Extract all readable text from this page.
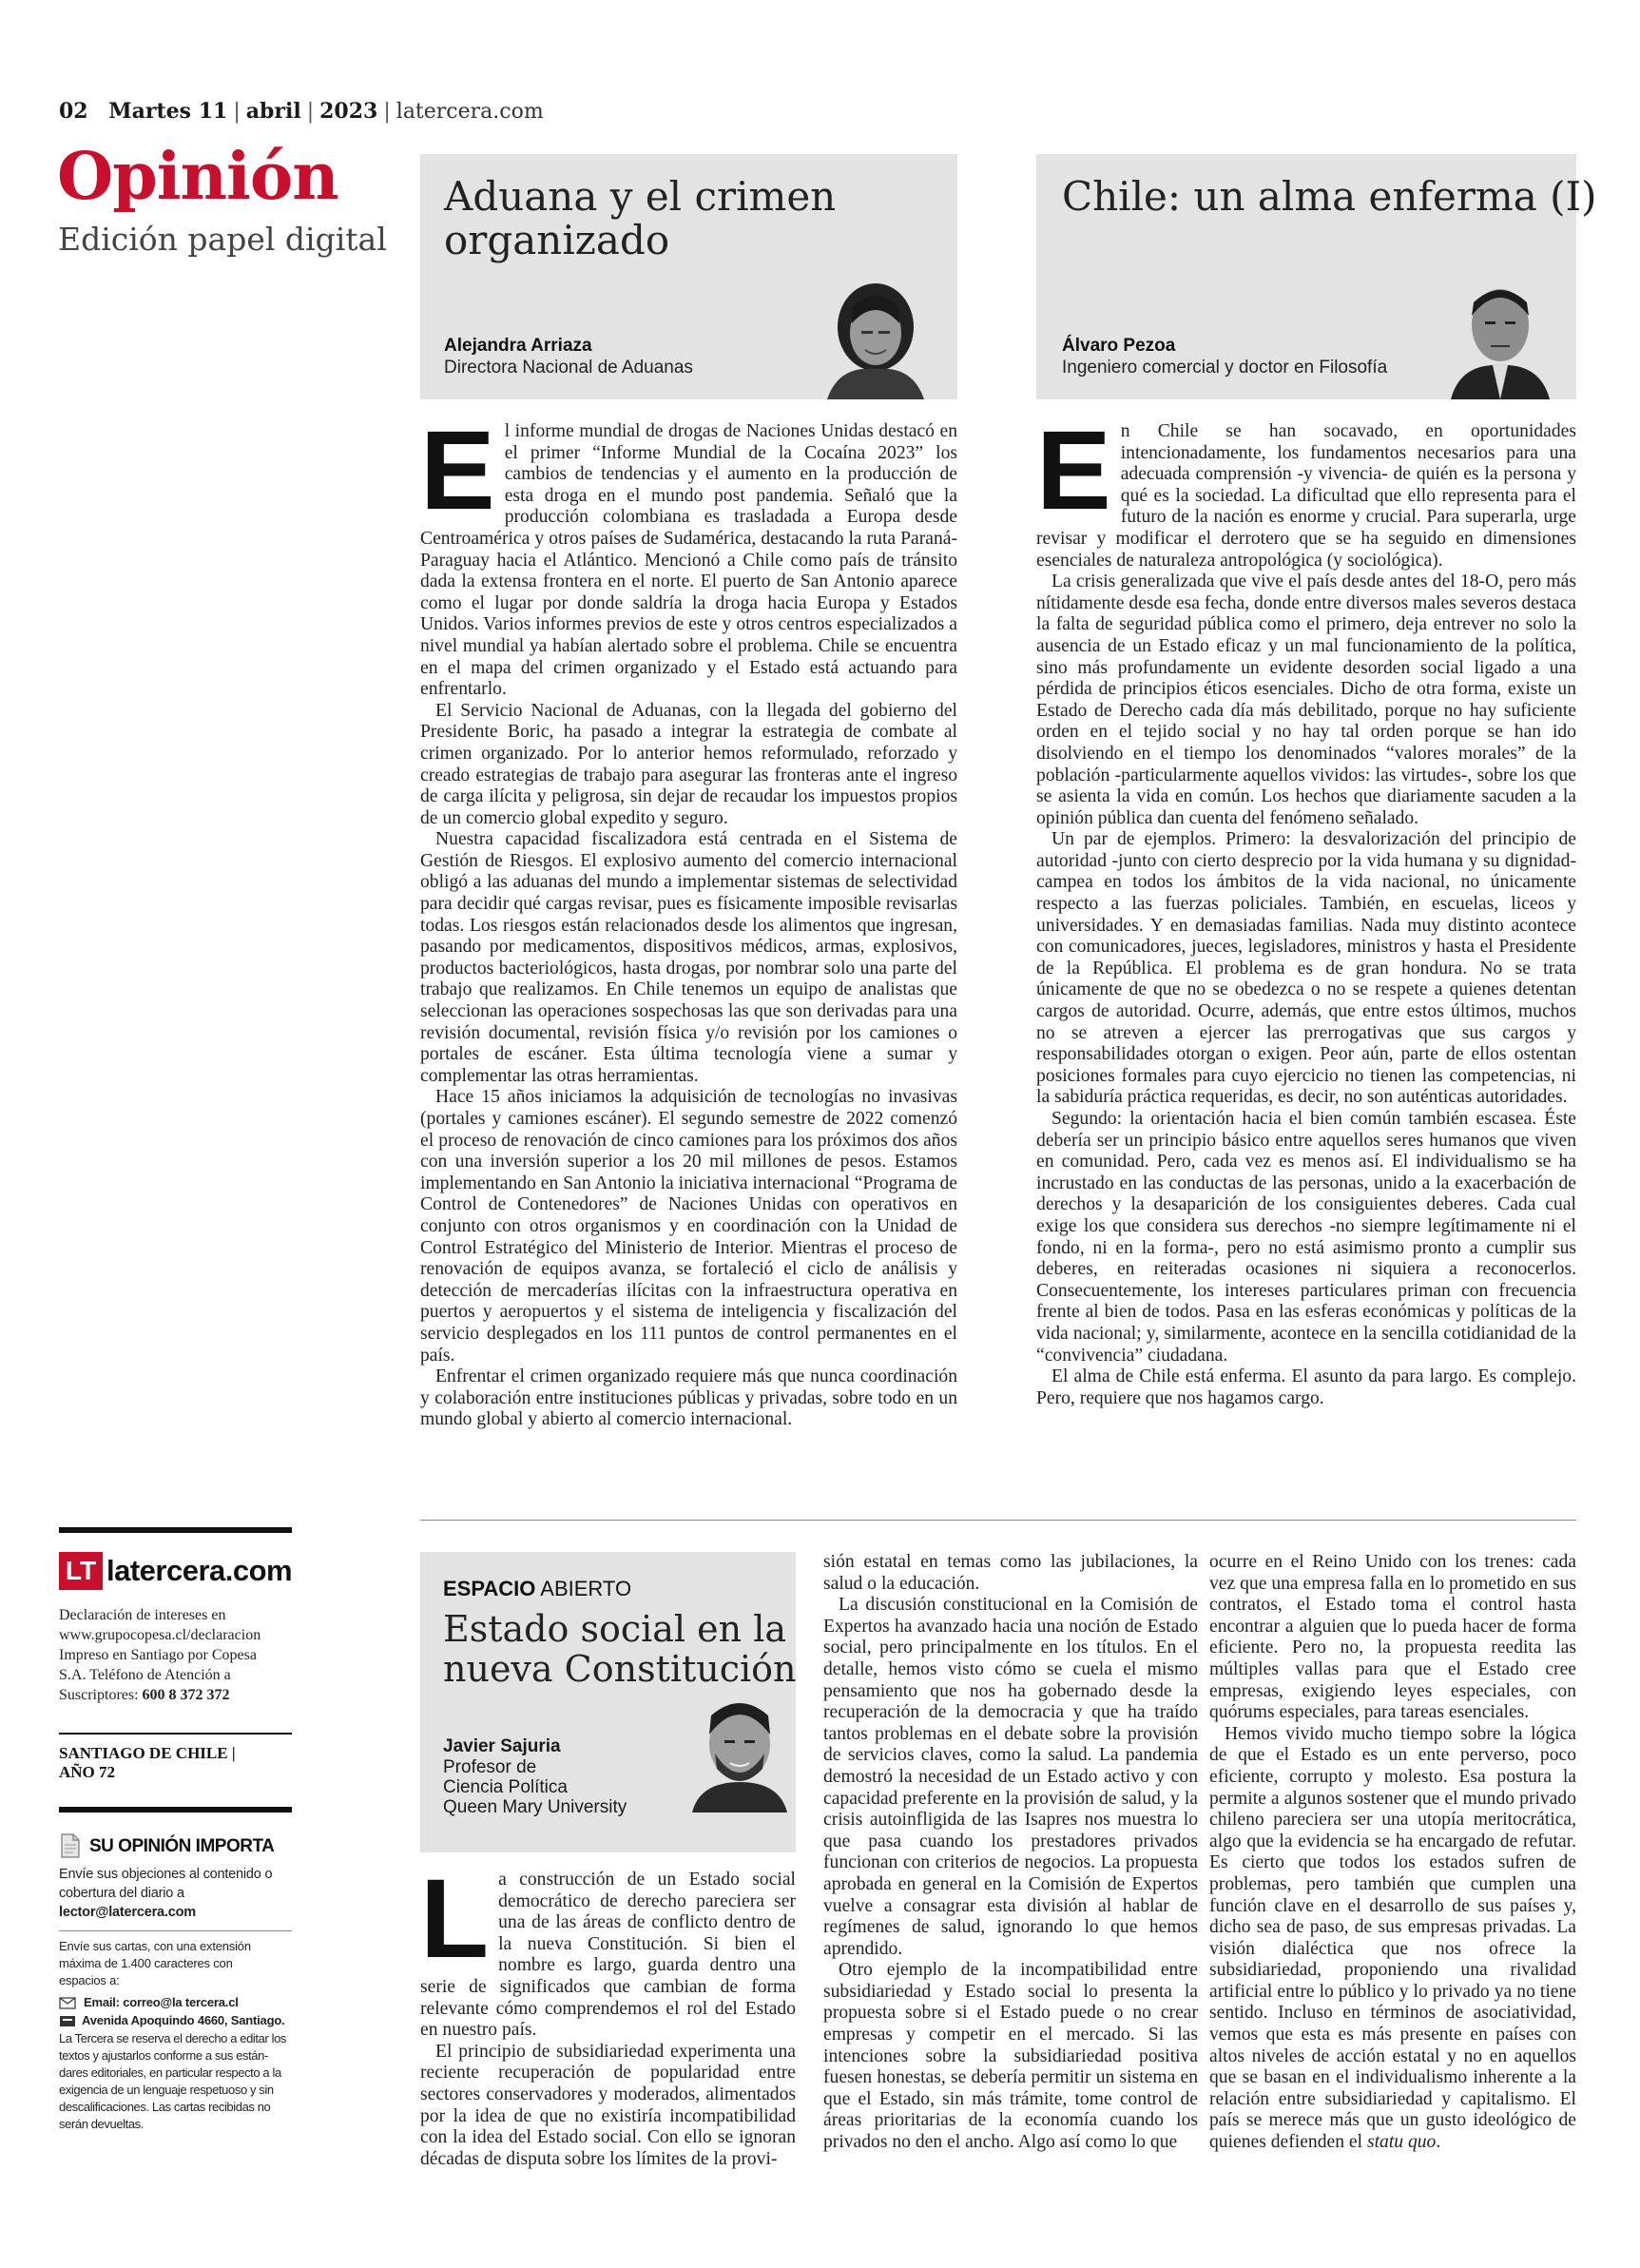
02 Martes 11 | abril | 2023 | latercera.com
Opinión
Edición papel digital
Aduana y el crimen
organizado
Alejandra Arriaza
Directora Nacional de Aduanas
Chile: un alma enferma (I)
Álvaro Pezoa
Ingeniero comercial y doctor en Filosofía

El informe mundial de drogas de Naciones Unidas destacó en el primer “Informe Mundial de la Cocaína 2023” los cambios de tendencias y el aumento en la producción de esta droga en el mundo post pandemia. Señaló que la producción colombiana es trasladada a Europa desde Centroamérica y otros países de Sudamérica, destacando la ruta Paraná-Paraguay hacia el Atlántico. Mencionó a Chile como país de tránsito dada la extensa frontera en el norte. El puerto de San Antonio aparece como el lugar por donde saldría la droga hacia Europa y Estados Unidos. Varios informes previos de este y otros centros especializados a nivel mundial ya habían alertado sobre el problema. Chile se encuentra en el mapa del crimen organizado y el Estado está actuando para enfrentarlo.

El Servicio Nacional de Aduanas, con la llegada del gobierno del Presidente Boric, ha pasado a integrar la estrategia de combate al crimen organizado. Por lo anterior hemos reformulado, reforzado y creado estrategias de trabajo para asegurar las fronteras ante el ingreso de carga ilícita y peligrosa, sin dejar de recaudar los impuestos propios de un comercio global expedito y seguro.

Nuestra capacidad fiscalizadora está centrada en el Sistema de Gestión de Riesgos. El explosivo aumento del comercio internacional obligó a las aduanas del mundo a implementar sistemas de selectividad para decidir qué cargas revisar, pues es físicamente imposible revisarlas todas. Los riesgos están relacionados desde los alimentos que ingresan, pasando por medicamentos, dispositivos médicos, armas, explosivos, productos bacteriológicos, hasta drogas, por nombrar solo una parte del trabajo que realizamos. En Chile tenemos un equipo de analistas que seleccionan las operaciones sospechosas las que son derivadas para una revisión documental, revisión física y/o revisión por los camiones o portales de escáner. Esta última tecnología viene a sumar y complementar las otras herramientas.

Hace 15 años iniciamos la adquisición de tecnologías no invasivas (portales y camiones escáner). El segundo semestre de 2022 comenzó el proceso de renovación de cinco camiones para los próximos dos años con una inversión superior a los 20 mil millones de pesos. Estamos implementando en San Antonio la iniciativa internacional “Programa de Control de Contenedores” de Naciones Unidas con operativos en conjunto con otros organismos y en coordinación con la Unidad de Control Estratégico del Ministerio de Interior. Mientras el proceso de renovación de equipos avanza, se fortaleció el ciclo de análisis y detección de mercaderías ilícitas con la infraestructura operativa en puertos y aeropuertos y el sistema de inteligencia y fiscalización del servicio desplegados en los 111 puntos de control permanentes en el país.

Enfrentar el crimen organizado requiere más que nunca coordinación y colaboración entre instituciones públicas y privadas, sobre todo en un mundo global y abierto al comercio internacional.

En Chile se han socavado, en oportunidades intencionadamente, los fundamentos necesarios para una adecuada comprensión -y vivencia- de quién es la persona y qué es la sociedad. La dificultad que ello representa para el futuro de la nación es enorme y crucial. Para superarla, urge revisar y modificar el derrotero que se ha seguido en dimensiones esenciales de naturaleza antropológica (y sociológica).

La crisis generalizada que vive el país desde antes del 18-O, pero más nítidamente desde esa fecha, donde entre diversos males severos destaca la falta de seguridad pública como el primero, deja entrever no solo la ausencia de un Estado eficaz y un mal funcionamiento de la política, sino más profundamente un evidente desorden social ligado a una pérdida de principios éticos esenciales. Dicho de otra forma, existe un Estado de Derecho cada día más debilitado, porque no hay suficiente orden en el tejido social y no hay tal orden porque se han ido disolviendo en el tiempo los denominados “valores morales” de la población -particularmente aquellos vividos: las virtudes-, sobre los que se asienta la vida en común. Los hechos que diariamente sacuden a la opinión pública dan cuenta del fenómeno señalado.

Un par de ejemplos. Primero: la desvalorización del principio de autoridad -junto con cierto desprecio por la vida humana y su dignidad- campea en todos los ámbitos de la vida nacional, no únicamente respecto a las fuerzas policiales. También, en escuelas, liceos y universidades. Y en demasiadas familias. Nada muy distinto acontece con comunicadores, jueces, legisladores, ministros y hasta el Presidente de la República. El problema es de gran hondura. No se trata únicamente de que no se obedezca o no se respete a quienes detentan cargos de autoridad. Ocurre, además, que entre estos últimos, muchos no se atreven a ejercer las prerrogativas que sus cargos y responsabilidades otorgan o exigen. Peor aún, parte de ellos ostentan posiciones formales para cuyo ejercicio no tienen las competencias, ni la sabiduría práctica requeridas, es decir, no son auténticas autoridades.

Segundo: la orientación hacia el bien común también escasea. Éste debería ser un principio básico entre aquellos seres humanos que viven en comunidad. Pero, cada vez es menos así. El individualismo se ha incrustado en las conductas de las personas, unido a la exacerbación de derechos y la desaparición de los consiguientes deberes. Cada cual exige los que considera sus derechos -no siempre legítimamente ni el fondo, ni en la forma-, pero no está asimismo pronto a cumplir sus deberes, en reiteradas ocasiones ni siquiera a reconocerlos. Consecuentemente, los intereses particulares priman con frecuencia frente al bien de todos. Pasa en las esferas económicas y políticas de la vida nacional; y, similarmente, acontece en la sencilla cotidianidad de la “convivencia” ciudadana.

El alma de Chile está enferma. El asunto da para largo. Es complejo. Pero, requiere que nos hagamos cargo.

LT latercera.com
Declaración de intereses en
www.grupocopesa.cl/declaracion
Impreso en Santiago por Copesa
S.A. Teléfono de Atención a
Suscriptores: 600 8 372 372
SANTIAGO DE CHILE |
AÑO 72
SU OPINIÓN IMPORTA
Envíe sus objeciones al contenido o
cobertura del diario a
lector@latercera.com
Envíe sus cartas, con una extensión
máxima de 1.400 caracteres con
espacios a:
Email: correo@la tercera.cl
Avenida Apoquindo 4660, Santiago.
La Tercera se reserva el derecho a editar los
textos y ajustarlos conforme a sus están-
dares editoriales, en particular respecto a la
exigencia de un lenguaje respetuoso y sin
descalificaciones. Las cartas recibidas no
serán devueltas.
ESPACIO ABIERTO
Estado social en la
nueva Constitución
Javier Sajuria
Profesor de
Ciencia Política
Queen Mary University

La construcción de un Estado social democrático de derecho pareciera ser una de las áreas de conflicto dentro de la nueva Constitución. Si bien el nombre es largo, guarda dentro una serie de significados que cambian de forma relevante cómo comprendemos el rol del Estado en nuestro país.

El principio de subsidiariedad experimenta una reciente recuperación de popularidad entre sectores conservadores y moderados, alimentados por la idea de que no existiría incompatibilidad con la idea del Estado social. Con ello se ignoran décadas de disputa sobre los límites de la provi-

sión estatal en temas como las jubilaciones, la salud o la educación.

La discusión constitucional en la Comisión de Expertos ha avanzado hacia una noción de Estado social, pero principalmente en los títulos. En el detalle, hemos visto cómo se cuela el mismo pensamiento que nos ha gobernado desde la recuperación de la democracia y que ha traído tantos problemas en el debate sobre la provisión de servicios claves, como la salud. La pandemia demostró la necesidad de un Estado activo y con capacidad preferente en la provisión de salud, y la crisis autoinfligida de las Isapres nos muestra lo que pasa cuando los prestadores privados funcionan con criterios de negocios. La propuesta aprobada en general en la Comisión de Expertos vuelve a consagrar esta división al hablar de regímenes de salud, ignorando lo que hemos aprendido.

Otro ejemplo de la incompatibilidad entre subsidiariedad y Estado social lo presenta la propuesta sobre si el Estado puede o no crear empresas y competir en el mercado. Si las intenciones sobre la subsidiariedad positiva fuesen honestas, se debería permitir un sistema en que el Estado, sin más trámite, tome control de áreas prioritarias de la economía cuando los privados no den el ancho. Algo así como lo que

ocurre en el Reino Unido con los trenes: cada vez que una empresa falla en lo prometido en sus contratos, el Estado toma el control hasta encontrar a alguien que lo pueda hacer de forma eficiente. Pero no, la propuesta reedita las múltiples vallas para que el Estado cree empresas, exigiendo leyes especiales, con quórums especiales, para tareas esenciales.

Hemos vivido mucho tiempo sobre la lógica de que el Estado es un ente perverso, poco eficiente, corrupto y molesto. Esa postura la permite a algunos sostener que el mundo privado chileno pareciera ser una utopía meritocrática, algo que la evidencia se ha encargado de refutar. Es cierto que todos los estados sufren de problemas, pero también que cumplen una función clave en el desarrollo de sus países y, dicho sea de paso, de sus empresas privadas. La visión dialéctica que nos ofrece la subsidiariedad, proponiendo una rivalidad artificial entre lo público y lo privado ya no tiene sentido. Incluso en términos de asociatividad, vemos que esta es más presente en países con altos niveles de acción estatal y no en aquellos que se basan en el individualismo inherente a la relación entre subsidiariedad y capitalismo. El país se merece más que un gusto ideológico de quienes defienden el statu quo.
